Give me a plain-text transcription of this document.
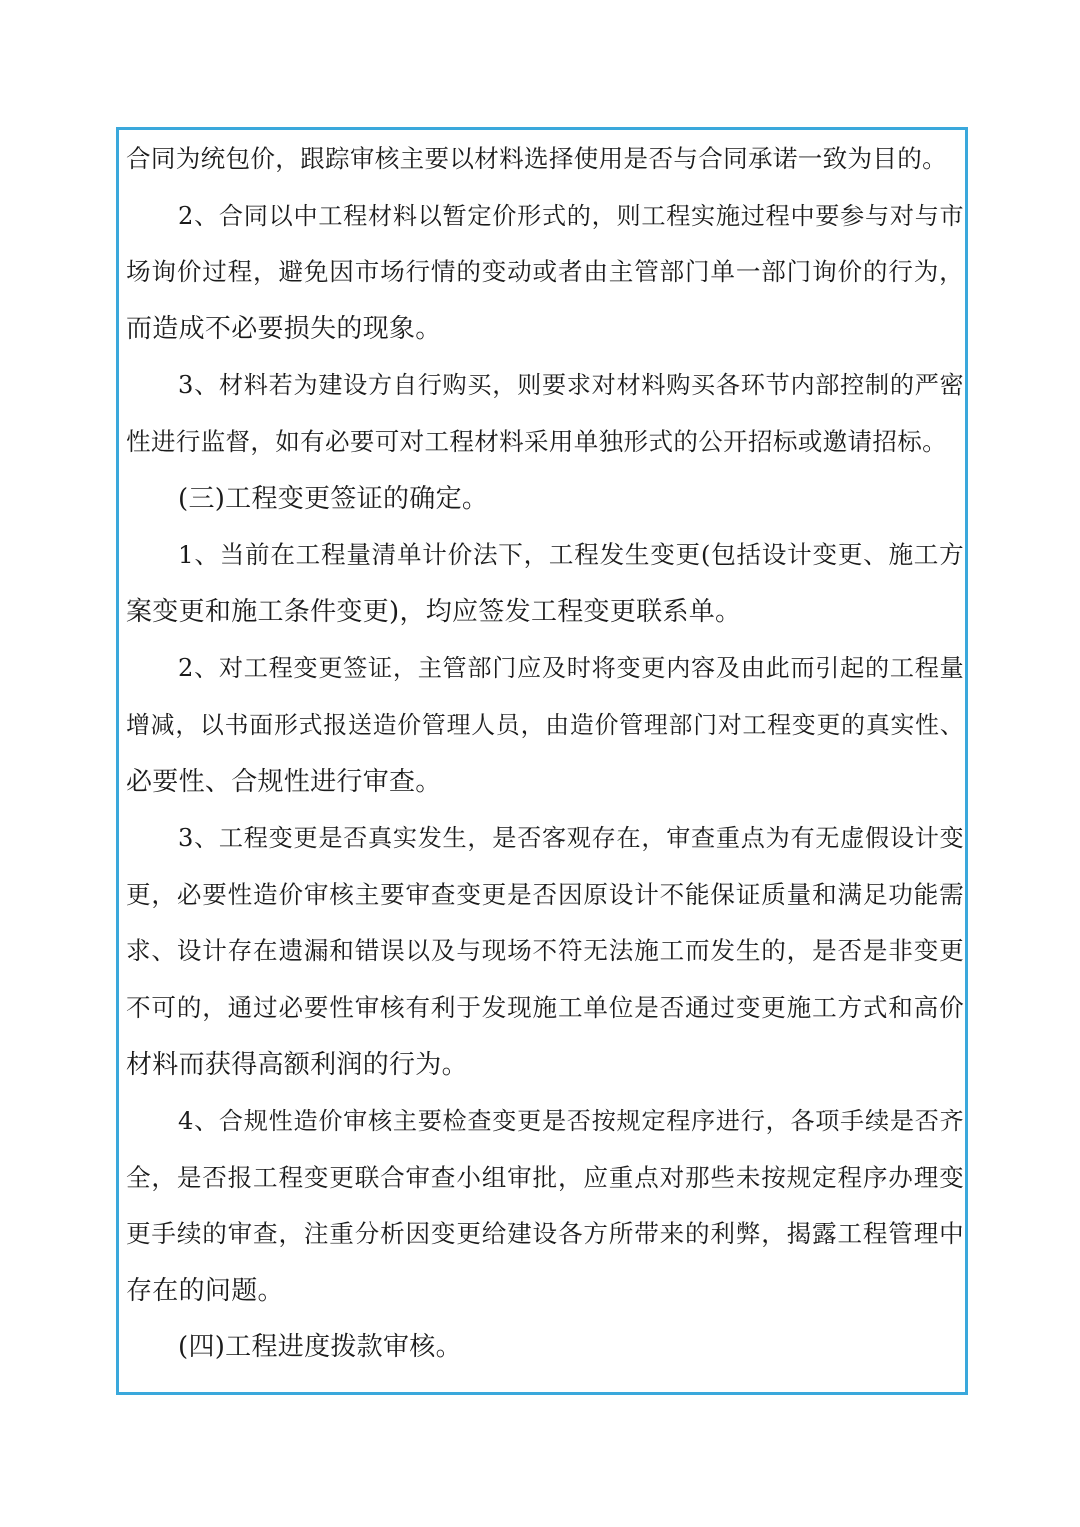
合同为统包价，跟踪审核主要以材料选择使用是否与合同承诺一致为目的。
2、合同以中工程材料以暂定价形式的，则工程实施过程中要参与对与市
场询价过程，避免因市场行情的变动或者由主管部门单一部门询价的行为，
而造成不必要损失的现象。
3、材料若为建设方自行购买，则要求对材料购买各环节内部控制的严密
性进行监督，如有必要可对工程材料采用单独形式的公开招标或邀请招标。
(三)工程变更签证的确定。
1、当前在工程量清单计价法下，工程发生变更(包括设计变更、施工方
案变更和施工条件变更)，均应签发工程变更联系单。
2、对工程变更签证，主管部门应及时将变更内容及由此而引起的工程量
增减，以书面形式报送造价管理人员，由造价管理部门对工程变更的真实性、
必要性、合规性进行审查。
3、工程变更是否真实发生，是否客观存在，审查重点为有无虚假设计变
更，必要性造价审核主要审查变更是否因原设计不能保证质量和满足功能需
求、设计存在遗漏和错误以及与现场不符无法施工而发生的，是否是非变更
不可的，通过必要性审核有利于发现施工单位是否通过变更施工方式和高价
材料而获得高额利润的行为。
4、合规性造价审核主要检查变更是否按规定程序进行，各项手续是否齐
全，是否报工程变更联合审查小组审批，应重点对那些未按规定程序办理变
更手续的审查，注重分析因变更给建设各方所带来的利弊，揭露工程管理中
存在的问题。
(四)工程进度拨款审核。
